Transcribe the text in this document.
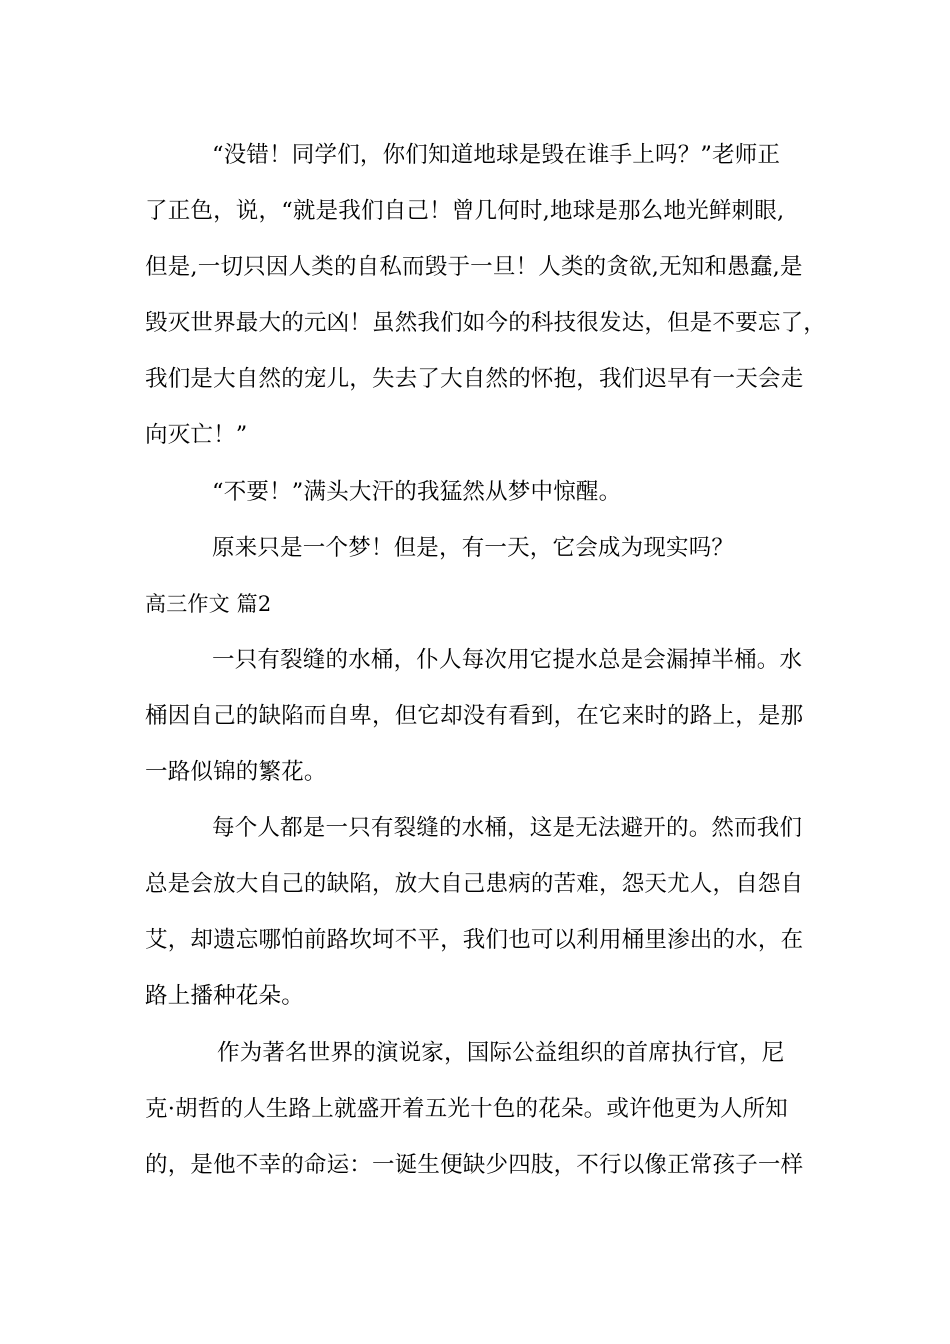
“没错！同学们，你们知道地球是毁在谁手上吗？”老师正
了正色，说，“就是我们自己！曾几何时,地球是那么地光鲜刺眼,
但是,一切只因人类的自私而毁于一旦！人类的贪欲,无知和愚蠢,是
毁灭世界最大的元凶！虽然我们如今的科技很发达，但是不要忘了，
我们是大自然的宠儿，失去了大自然的怀抱，我们迟早有一天会走
向灭亡！”
“不要！”满头大汗的我猛然从梦中惊醒。
原来只是一个梦！但是，有一天，它会成为现实吗？
高三作文 篇2
一只有裂缝的水桶，仆人每次用它提水总是会漏掉半桶。水
桶因自己的缺陷而自卑，但它却没有看到，在它来时的路上，是那
一路似锦的繁花。
每个人都是一只有裂缝的水桶，这是无法避开的。然而我们
总是会放大自己的缺陷，放大自己患病的苦难，怨天尤人，自怨自
艾，却遗忘哪怕前路坎坷不平，我们也可以利用桶里渗出的水，在
路上播种花朵。
作为著名世界的演说家，国际公益组织的首席执行官，尼
克·胡哲的人生路上就盛开着五光十色的花朵。或许他更为人所知
的，是他不幸的命运：一诞生便缺少四肢，不行以像正常孩子一样
